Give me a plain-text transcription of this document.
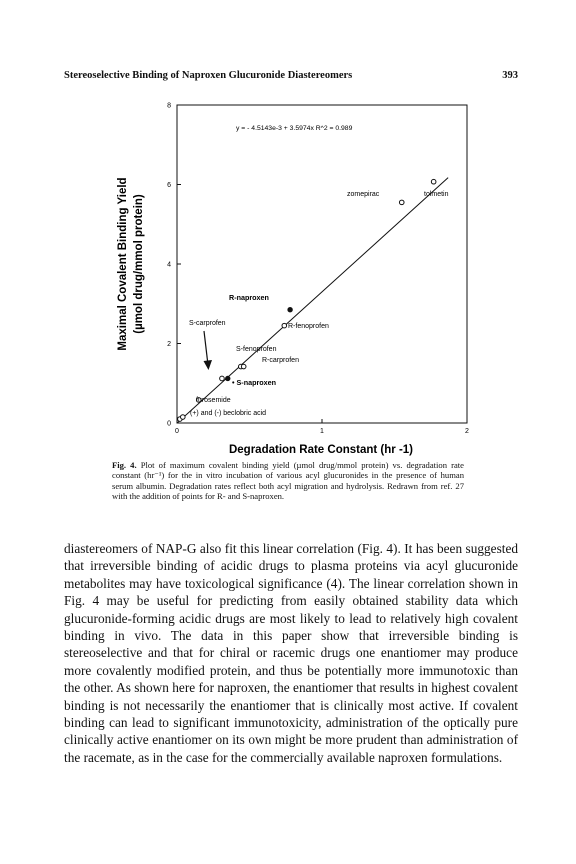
Stereoselective Binding of Naproxen Glucuronide Diastereomers	393
0	1	2
0
2
4
6
8
y = - 4.5143e-3 + 3.5974x R^2 = 0.989
zomepirac	tolmetin
R-naproxen
S-carprofen	R-fenoprofen
S-fenoprofen
R-carprofen
• S-naproxen
furosemide
(+) and (-) beclobric acid
Degradation Rate Constant (hr -1)
Maximal Covalent Binding Yield (µmol drug/mmol protein)
Fig. 4. Plot of maximum covalent binding yield (µmol drug/mmol protein) vs. degradation rate constant (hr⁻¹) for the in vitro incubation of various acyl glucuronides in the presence of human serum albumin. Degradation rates reflect both acyl migration and hydrolysis. Redrawn from ref. 27 with the addition of points for R- and S-naproxen.

diastereomers of NAP-G also fit this linear correlation (Fig. 4). It has been suggested that irreversible binding of acidic drugs to plasma proteins via acyl glucuronide metabolites may have toxicological significance (4). The linear correlation shown in Fig. 4 may be useful for predicting from easily obtained stability data which glucuronide-forming acidic drugs are most likely to lead to relatively high covalent binding in vivo. The data in this paper show that irreversible binding is stereoselective and that for chiral or racemic drugs one enantiomer may produce more covalently modified protein, and thus be potentially more immunotoxic than the other. As shown here for naproxen, the enantiomer that results in highest covalent binding is not necessarily the enantiomer that is clinically most active. If covalent binding can lead to significant immunotoxicity, administration of the optically pure clinically active enantiomer on its own might be more prudent than administration of the racemate, as in the case for the commercially available naproxen formulations.
